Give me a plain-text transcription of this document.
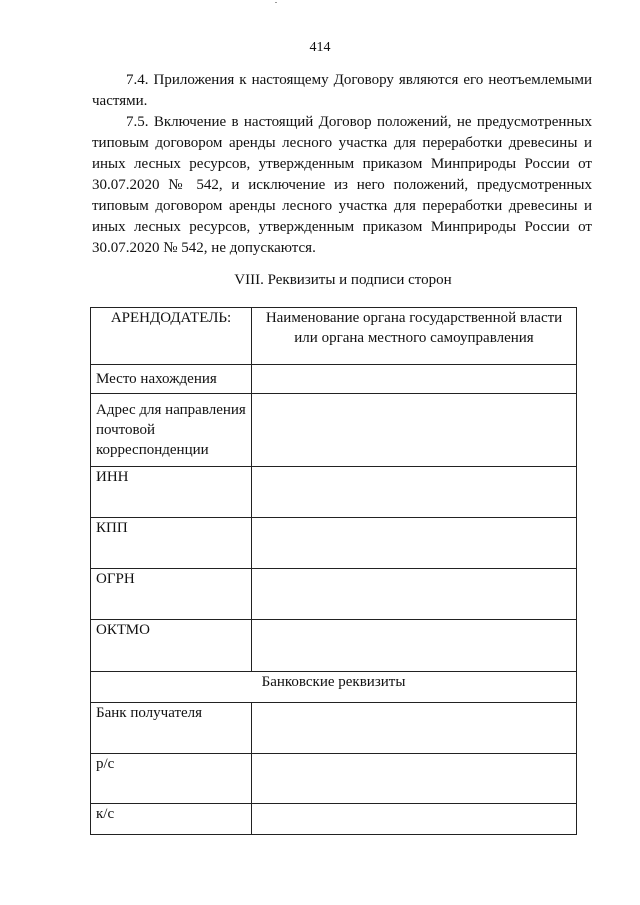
414

7.4. Приложения к настоящему Договору являются его неотъемлемыми частями.

7.5. Включение в настоящий Договор положений, не предусмотренных типовым договором аренды лесного участка для переработки древесины и иных лесных ресурсов, утвержденным приказом Минприроды России от 30.07.2020 № 542, и исключение из него положений, предусмотренных типовым договором аренды лесного участка для переработки древесины и иных лесных ресурсов, утвержденным приказом Минприроды России от 30.07.2020 № 542, не допускаются.

VIII. Реквизиты и подписи сторон
АРЕНДОДАТЕЛЬ:	Наименование органа государственной власти или органа местного самоуправления
Место нахождения	
Адрес для направления почтовой корреспонденции	
ИНН	
КПП	
ОГРН	
ОКТМО	
Банковские реквизиты	
Банк получателя	
р/с	
к/с	
